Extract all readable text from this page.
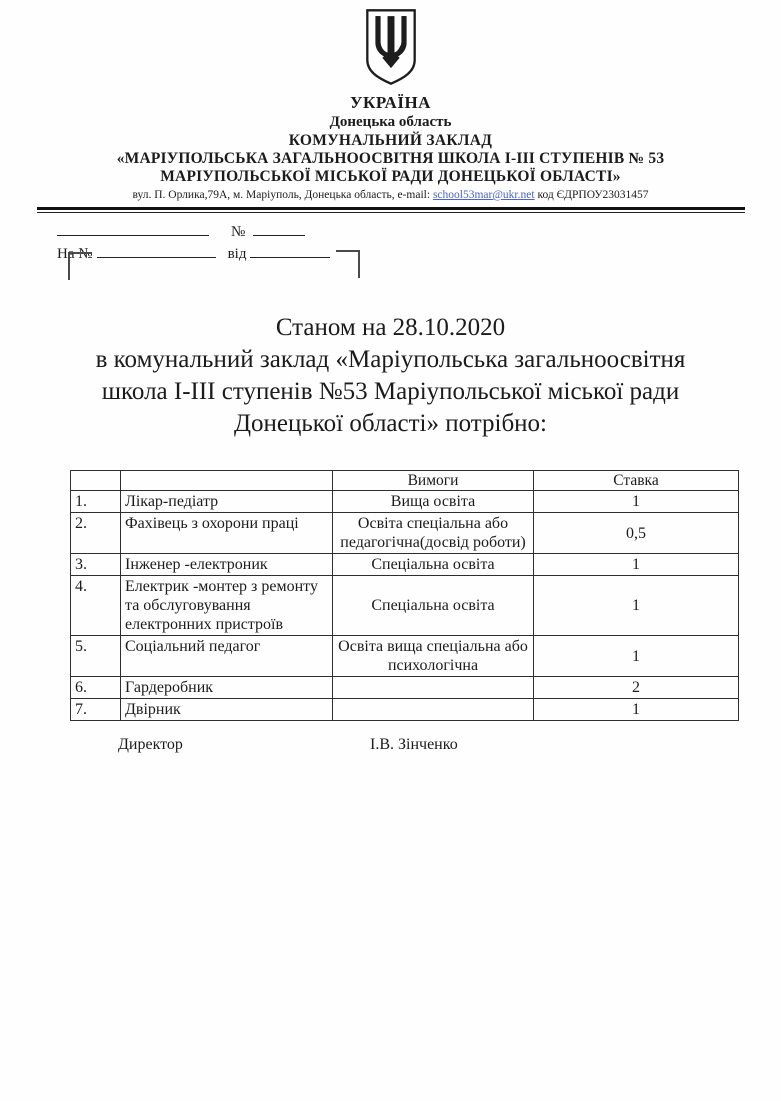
УКРАЇНА
Донецька область
КОМУНАЛЬНИЙ ЗАКЛАД
«МАРІУПОЛЬСЬКА ЗАГАЛЬНООСВІТНЯ ШКОЛА І-ІІІ СТУПЕНІВ № 53
МАРІУПОЛЬСЬКОЇ МІСЬКОЇ РАДИ ДОНЕЦЬКОЇ ОБЛАСТІ»
вул. П. Орлика,79А, м. Маріуполь, Донецька область, e-mail: school53mar@ukr.net код ЄДРПОУ23031457
№
На №	від
Станом на 28.10.2020
в комунальний заклад «Маріупольська загальноосвітня
школа І-ІІІ ступенів №53 Маріупольської міської ради
Донецької області» потрібно:
		Вимоги	Ставка
1.	Лікар-педіатр	Вища освіта	1
2.	Фахівець з охорони праці	Освіта спеціальна або педагогічна(досвід роботи)	0,5
3.	Інженер -електроник	Спеціальна освіта	1
4.	Електрик -монтер з ремонту та обслуговування електронних пристроїв	Спеціальна освіта	1
5.	Соціальний педагог	Освіта вища спеціальна або психологічна	1
6.	Гардеробник		2
7.	Двірник		1
Директор	І.В. Зінченко
